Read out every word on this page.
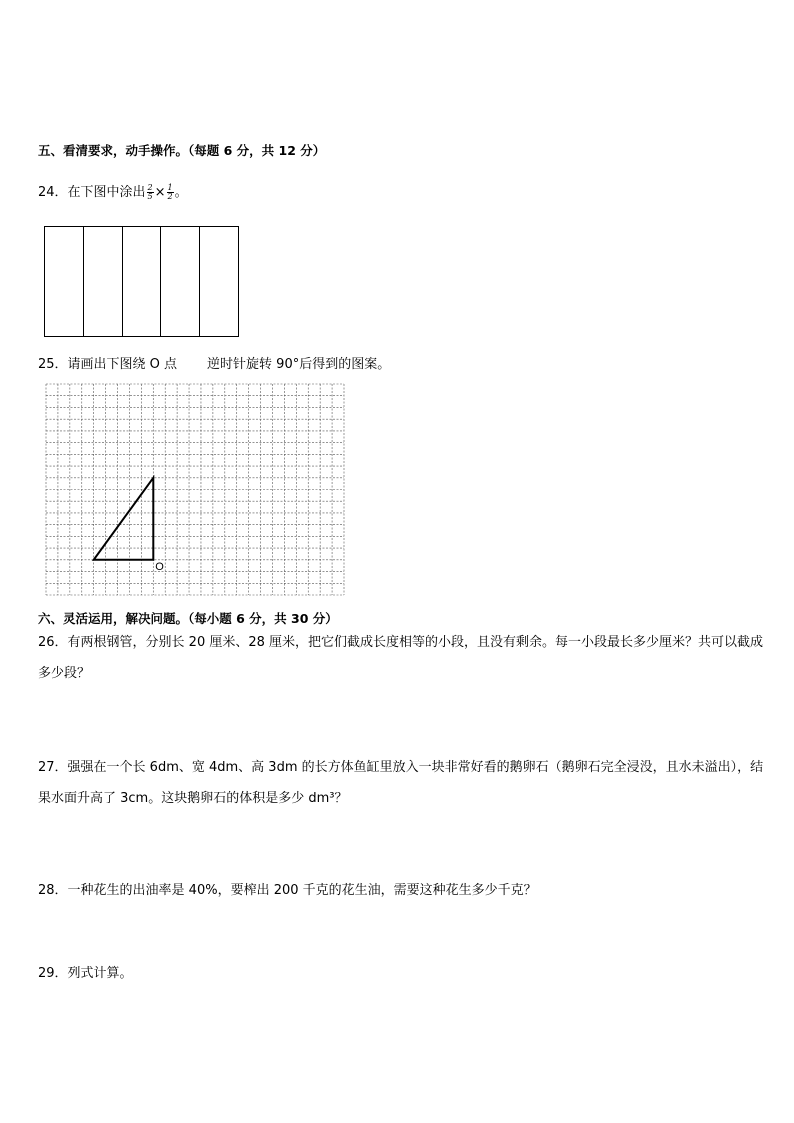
五、看清要求，动手操作。（每题 6 分，共 12 分）
24．在下图中涂出 $\frac{2}{5} \times \frac{1}{2}$ 。
25．请画出下图绕 O 点 逆时针旋转 90°后得到的图案。
O
六、灵活运用，解决问题。（每小题 6 分，共 30 分）
26．有两根钢管，分别长 20 厘米、28 厘米，把它们截成长度相等的小段，且没有剩余。每一小段最长多少厘米？共可以截成多少段？
27．强强在一个长 6dm、宽 4dm、高 3dm 的长方体鱼缸里放入一块非常好看的鹅卵石（鹅卵石完全浸没，且水未溢出），结果水面升高了 3cm。这块鹅卵石的体积是多少 dm³？
28．一种花生的出油率是 40%，要榨出 200 千克的花生油，需要这种花生多少千克？
29．列式计算。
